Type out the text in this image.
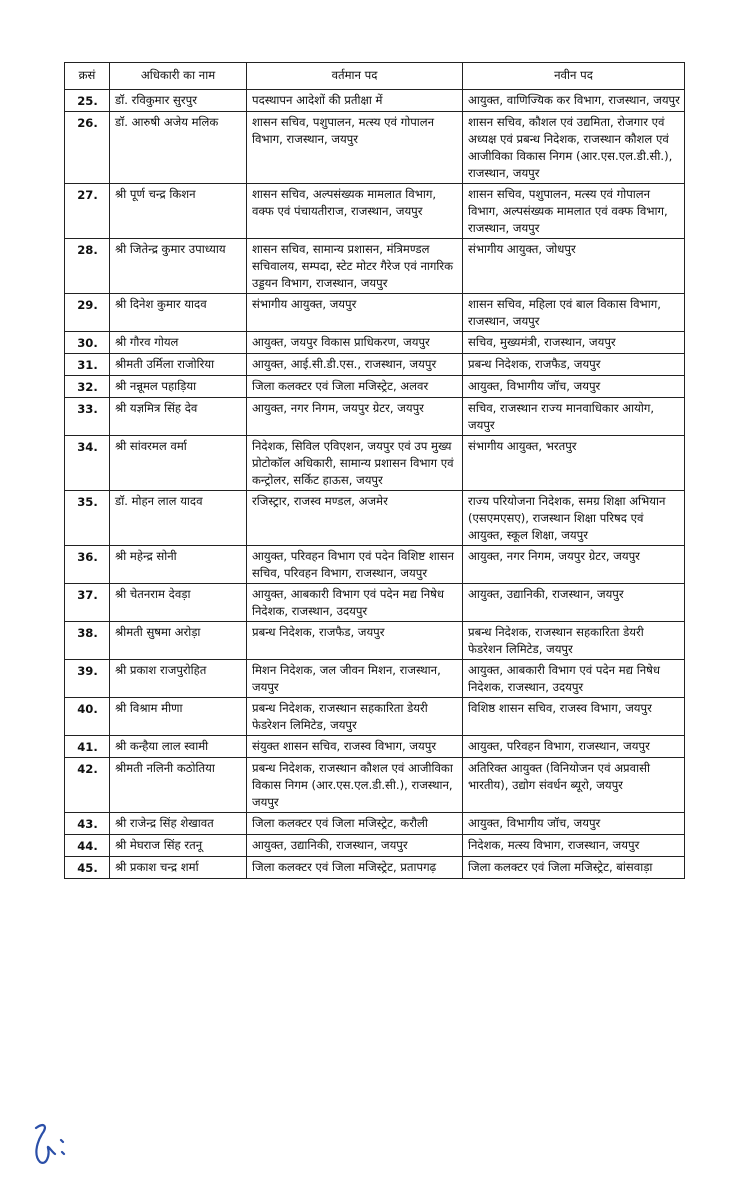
क्रसं	अधिकारी का नाम	वर्तमान पद	नवीन पद
25.	डॉ. रविकुमार सुरपुर	पदस्थापन आदेशों की प्रतीक्षा में	आयुक्त, वाणिज्यिक कर विभाग, राजस्थान, जयपुर
26.	डॉ. आरुषी अजेय मलिक	शासन सचिव, पशुपालन, मत्स्य एवं गोपालन विभाग, राजस्थान, जयपुर	शासन सचिव, कौशल एवं उद्यमिता, रोजगार एवं अध्यक्ष एवं प्रबन्ध निदेशक, राजस्थान कौशल एवं आजीविका विकास निगम (आर.एस.एल.डी.सी.), राजस्थान, जयपुर
27.	श्री पूर्ण चन्द्र किशन	शासन सचिव, अल्पसंख्यक मामलात विभाग, वक्फ एवं पंचायतीराज, राजस्थान, जयपुर	शासन सचिव, पशुपालन, मत्स्य एवं गोपालन विभाग, अल्पसंख्यक मामलात एवं वक्फ विभाग, राजस्थान, जयपुर
28.	श्री जितेन्द्र कुमार उपाध्याय	शासन सचिव, सामान्य प्रशासन, मंत्रिमण्डल सचिवालय, सम्पदा, स्टेट मोटर गैरेज एवं नागरिक उड्डयन विभाग, राजस्थान, जयपुर	संभागीय आयुक्त, जोधपुर
29.	श्री दिनेश कुमार यादव	संभागीय आयुक्त, जयपुर	शासन सचिव, महिला एवं बाल विकास विभाग, राजस्थान, जयपुर
30.	श्री गौरव गोयल	आयुक्त, जयपुर विकास प्राधिकरण, जयपुर	सचिव, मुख्यमंत्री, राजस्थान, जयपुर
31.	श्रीमती उर्मिला राजोरिया	आयुक्त, आई.सी.डी.एस., राजस्थान, जयपुर	प्रबन्ध निदेशक, राजफैड, जयपुर
32.	श्री नन्नूमल पहाड़िया	जिला कलक्टर एवं जिला मजिस्ट्रेट, अलवर	आयुक्त, विभागीय जॉच, जयपुर
33.	श्री यज्ञमित्र सिंह देव	आयुक्त, नगर निगम, जयपुर ग्रेटर, जयपुर	सचिव, राजस्थान राज्य मानवाधिकार आयोग, जयपुर
34.	श्री सांवरमल वर्मा	निदेशक, सिविल एविएशन, जयपुर एवं उप मुख्य प्रोटोकॉल अधिकारी, सामान्य प्रशासन विभाग एवं कन्ट्रोलर, सर्किट हाऊस, जयपुर	संभागीय आयुक्त, भरतपुर
35.	डॉ. मोहन लाल यादव	रजिस्ट्रार, राजस्व मण्डल, अजमेर	राज्य परियोजना निदेशक, समग्र शिक्षा अभियान (एसएमएसए), राजस्थान शिक्षा परिषद एवं आयुक्त, स्कूल शिक्षा, जयपुर
36.	श्री महेन्द्र सोनी	आयुक्त, परिवहन विभाग एवं पदेन विशिष्ट शासन सचिव, परिवहन विभाग, राजस्थान, जयपुर	आयुक्त, नगर निगम, जयपुर ग्रेटर, जयपुर
37.	श्री चेतनराम देवड़ा	आयुक्त, आबकारी विभाग एवं पदेन मद्य निषेध निदेशक, राजस्थान, उदयपुर	आयुक्त, उद्यानिकी, राजस्थान, जयपुर
38.	श्रीमती सुषमा अरोड़ा	प्रबन्ध निदेशक, राजफैड, जयपुर	प्रबन्ध निदेशक, राजस्थान सहकारिता डेयरी फेडरेशन लिमिटेड, जयपुर
39.	श्री प्रकाश राजपुरोहित	मिशन निदेशक, जल जीवन मिशन, राजस्थान, जयपुर	आयुक्त, आबकारी विभाग एवं पदेन मद्य निषेध निदेशक, राजस्थान, उदयपुर
40.	श्री विश्राम मीणा	प्रबन्ध निदेशक, राजस्थान सहकारिता डेयरी फेडरेशन लिमिटेड, जयपुर	विशिष्ठ शासन सचिव, राजस्व विभाग, जयपुर
41.	श्री कन्हैया लाल स्वामी	संयुक्त शासन सचिव, राजस्व विभाग, जयपुर	आयुक्त, परिवहन विभाग, राजस्थान, जयपुर
42.	श्रीमती नलिनी कठोतिया	प्रबन्ध निदेशक, राजस्थान कौशल एवं आजीविका विकास निगम (आर.एस.एल.डी.सी.), राजस्थान, जयपुर	अतिरिक्त आयुक्त (विनियोजन एवं अप्रवासी भारतीय), उद्योग संवर्धन ब्यूरो, जयपुर
43.	श्री राजेन्द्र सिंह शेखावत	जिला कलक्टर एवं जिला मजिस्ट्रेट, करौली	आयुक्त, विभागीय जॉच, जयपुर
44.	श्री मेघराज सिंह रतनू	आयुक्त, उद्यानिकी, राजस्थान, जयपुर	निदेशक, मत्स्य विभाग, राजस्थान, जयपुर
45.	श्री प्रकाश चन्द्र शर्मा	जिला कलक्टर एवं जिला मजिस्ट्रेट, प्रतापगढ़	जिला कलक्टर एवं जिला मजिस्ट्रेट, बांसवाड़ा
